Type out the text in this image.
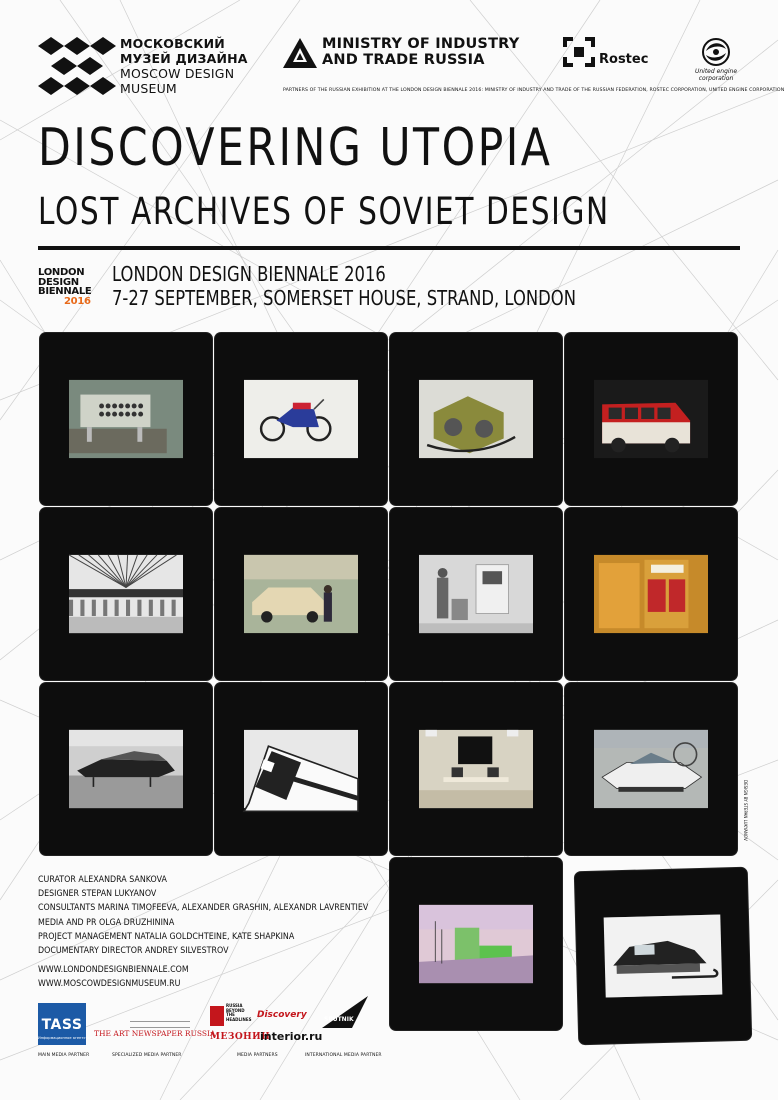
МОСКОВСКИЙ
МУЗЕЙ ДИЗАЙНА
MOSCOW DESIGN
MUSEUM
MINISTRY OF INDUSTRY
AND TRADE RUSSIA	Rostec
United engine
corporation
PARTNERS OF THE RUSSIAN EXHIBITION AT THE LONDON DESIGN BIENNALE 2016: MINISTRY OF INDUSTRY AND TRADE OF THE RUSSIAN FEDERATION, ROSTEC CORPORATION, UNITED ENGINE CORPORATION
DISCOVERING UTOPIA
LOST ARCHIVES OF SOVIET DESIGN
LONDON
DESIGN
BIENNALE
2016
LONDON DESIGN BIENNALE 2016
7-27 SEPTEMBER, SOMERSET HOUSE, STRAND, LONDON
CURATOR ALEXANDRA SANKOVA
DESIGNER STEPAN LUKYANOV
CONSULTANTS MARINA TIMOFEEVA, ALEXANDER GRASHIN, ALEXANDR LAVRENTIEV
MEDIA AND PR OLGA DRUZHININA
PROJECT MANAGEMENT NATALIA GOLDCHTEINE, KATE SHAPKINA
DOCUMENTARY DIRECTOR ANDREY SILVESTROV
WWW.LONDONDESIGNBIENNALE.COM
WWW.MOSCOWDESIGNMUSEUM.RU
DESIGN BY STEPAN LUKYANOV
TASS
Информационное агентство THE ART NEWSPAPER RUSSIA
RUSSIA
BEYOND
THE
HEADLINES Discovery
МЕЗОНИН
interior.ru
SPUTNIK
MAIN MEDIA PARTNER	SPECIALIZED MEDIA PARTNER	MEDIA PARTNERS	INTERNATIONAL MEDIA PARTNER
